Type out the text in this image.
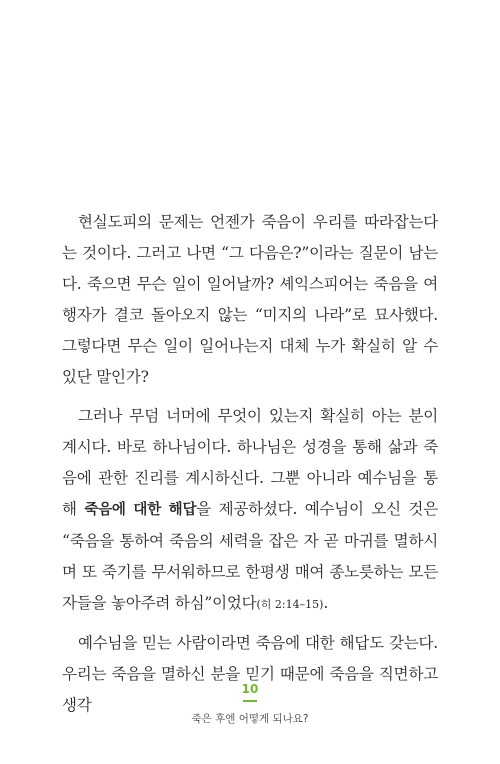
현실도피의 문제는 언젠가 죽음이 우리를 따라잡는다는 것이다. 그러고 나면 “그 다음은?”이라는 질문이 남는다. 죽으면 무슨 일이 일어날까? 셰익스피어는 죽음을 여행자가 결코 돌아오지 않는 “미지의 나라”로 묘사했다. 그렇다면 무슨 일이 일어나는지 대체 누가 확실히 알 수 있단 말인가?

그러나 무덤 너머에 무엇이 있는지 확실히 아는 분이 계시다. 바로 하나님이다. 하나님은 성경을 통해 삶과 죽음에 관한 진리를 계시하신다. 그뿐 아니라 예수님을 통해 죽음에 대한 해답을 제공하셨다. 예수님이 오신 것은 “죽음을 통하여 죽음의 세력을 잡은 자 곧 마귀를 멸하시며 또 죽기를 무서워하므로 한평생 매여 종노릇하는 모든 자들을 놓아주려 하심”이었다(히 2:14–15).

예수님을 믿는 사람이라면 죽음에 대한 해답도 갖는다. 우리는 죽음을 멸하신 분을 믿기 때문에 죽음을 직면하고 생각

10
죽은 후엔 어떻게 되나요?
